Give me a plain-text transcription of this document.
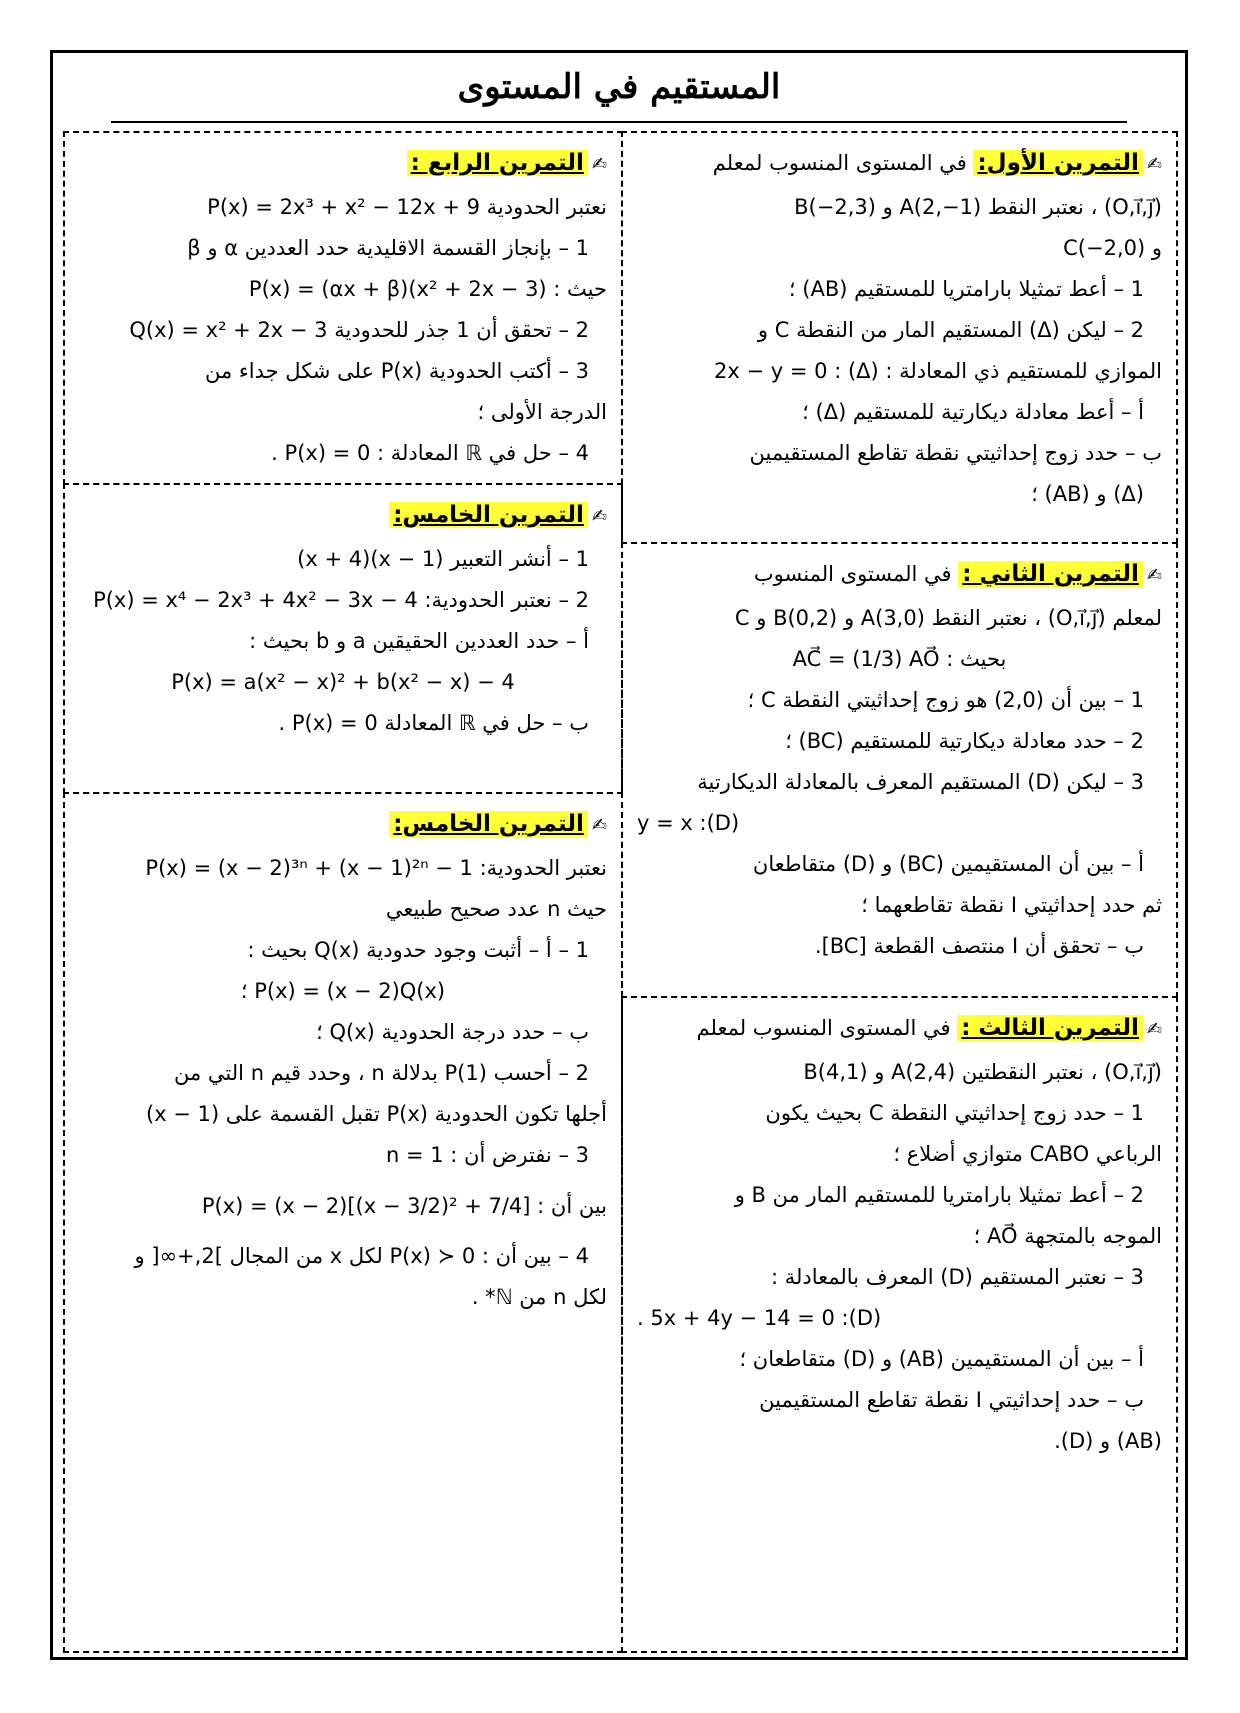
المستقيم في المستوى
✍التمرين الأول: في المستوى المنسوب لمعلم
(O,i⃗,j⃗) ، نعتبر النقط A(2,−1) و B(−2,3)
و C(−2,0)
1 – أعط تمثيلا بارامتريا للمستقيم (AB) ؛
2 – ليكن (Δ) المستقيم المار من النقطة C و
الموازي للمستقيم ذي المعادلة : 2x − y = 0 : (Δ)
أ – أعط معادلة ديكارتية للمستقيم (Δ) ؛
ب – حدد زوج إحداثيتي نقطة تقاطع المستقيمين
(Δ) و (AB) ؛
✍التمرين الثاني : في المستوى المنسوب
لمعلم (O,i⃗,j⃗) ، نعتبر النقط A(3,0) و B(0,2) و C
بحيث : AC⃗ = (1/3) AO⃗
1 – بين أن (2,0) هو زوج إحداثيتي النقطة C ؛
2 – حدد معادلة ديكارتية للمستقيم (BC) ؛
3 – ليكن (D) المستقيم المعرف بالمعادلة الديكارتية
(D): y = x
أ – بين أن المستقيمين (BC) و (D) متقاطعان
ثم حدد إحداثيتي I نقطة تقاطعهما ؛
ب – تحقق أن I منتصف القطعة [BC].
✍التمرين الثالث : في المستوى المنسوب لمعلم
(O,i⃗,j⃗) ، نعتبر النقطتين A(2,4) و B(4,1)
1 – حدد زوج إحداثيتي النقطة C بحيث يكون
الرباعي CABO متوازي أضلاع ؛
2 – أعط تمثيلا بارامتريا للمستقيم المار من B و
الموجه بالمتجهة AO⃗ ؛
3 – نعتبر المستقيم (D) المعرف بالمعادلة :
(D): 5x + 4y − 14 = 0 .
أ – بين أن المستقيمين (AB) و (D) متقاطعان ؛
ب – حدد إحداثيتي I نقطة تقاطع المستقيمين
(AB) و (D).
✍التمرين الرابع :
نعتبر الحدودية P(x) = 2x³ + x² − 12x + 9
1 – بإنجاز القسمة الاقليدية حدد العددين α و β
حيث : P(x) = (αx + β)(x² + 2x − 3)
2 – تحقق أن 1 جذر للحدودية Q(x) = x² + 2x − 3
3 – أكتب الحدودية P(x) على شكل جداء من
الدرجة الأولى ؛
4 – حل في ℝ المعادلة : P(x) = 0 .
✍التمرين الخامس:
1 – أنشر التعبير (x − 1)(x + 4)
2 – نعتبر الحدودية: P(x) = x⁴ − 2x³ + 4x² − 3x − 4
أ – حدد العددين الحقيقين a و b بحيث :
P(x) = a(x² − x)² + b(x² − x) − 4
ب – حل في ℝ المعادلة P(x) = 0 .
✍التمرين الخامس:
نعتبر الحدودية: P(x) = (x − 2)³ⁿ + (x − 1)²ⁿ − 1
حيث n عدد صحيح طبيعي
1 – أ – أثبت وجود حدودية Q(x) بحيث :
P(x) = (x − 2)Q(x) ؛
ب – حدد درجة الحدودية Q(x) ؛
2 – أحسب P(1) بدلالة n ، وحدد قيم n التي من
أجلها تكون الحدودية P(x) تقبل القسمة على (x − 1)
3 – نفترض أن : n = 1
بين أن : P(x) = (x − 2)[(x − 3/2)² + 7/4]
4 – بين أن : P(x) ≻ 0 لكل x من المجال ]2,+∞[ و
لكل n من ℕ* .
